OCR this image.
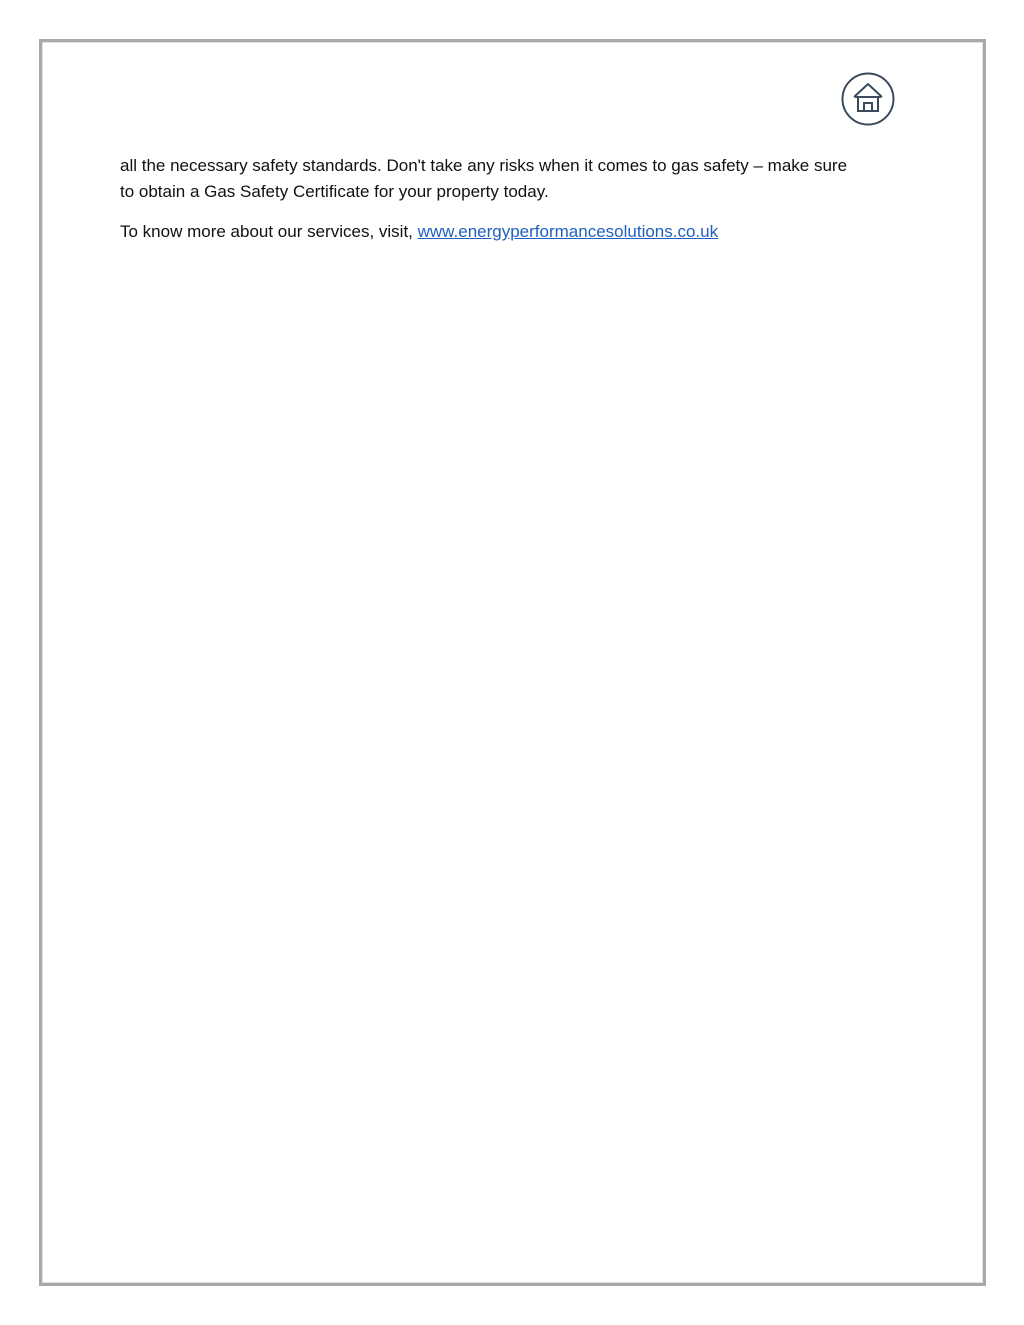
all the necessary safety standards. Don't take any risks when it comes to gas safety – make sure
to obtain a Gas Safety Certificate for your property today.

To know more about our services, visit, www.energyperformancesolutions.co.uk
